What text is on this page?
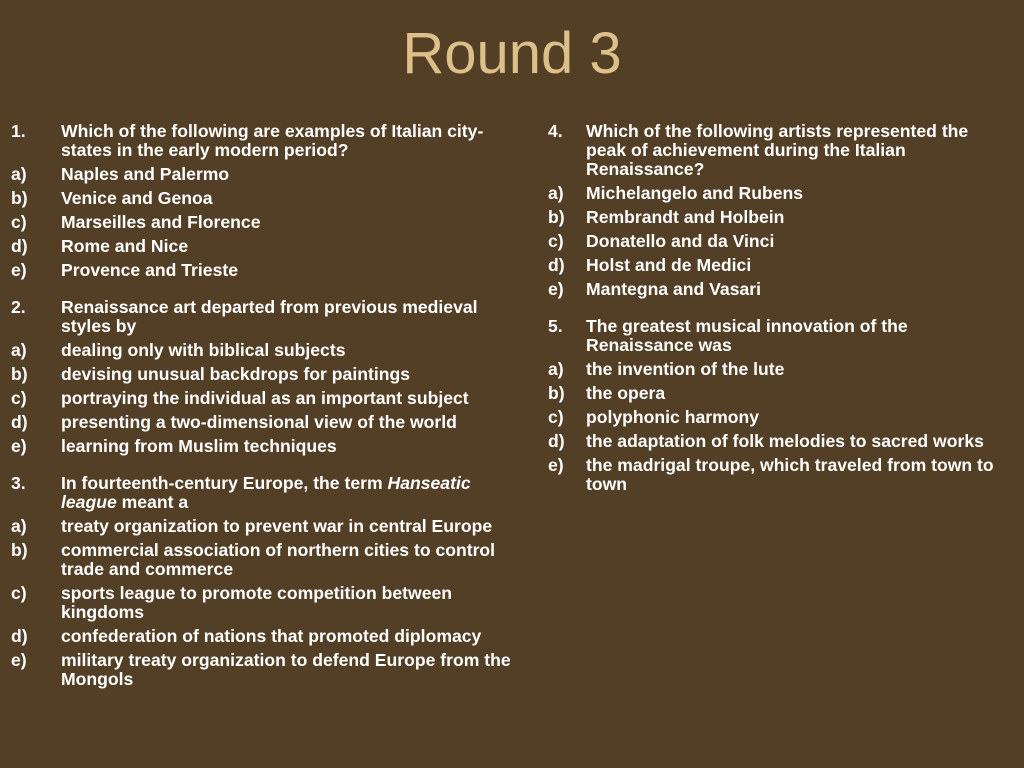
Round 3
1.	Which of the following are examples of Italian city-states in the early modern period?
a)	Naples and Palermo
b)	Venice and Genoa
c)	Marseilles and Florence
d)	Rome and Nice
e)	Provence and Trieste
2.	Renaissance art departed from previous medieval styles by
a)	dealing only with biblical subjects
b)	devising unusual backdrops for paintings
c)	portraying the individual as an important subject
d)	presenting a two-dimensional view of the world
e)	learning from Muslim techniques
3.	In fourteenth-century Europe, the term Hanseatic league meant a
a)	treaty organization to prevent war in central Europe
b)	commercial association of northern cities to control trade and commerce
c)	sports league to promote competition between kingdoms
d)	confederation of nations that promoted diplomacy
e)	military treaty organization to defend Europe from the Mongols
4.	Which of the following artists represented the peak of achievement during the Italian Renaissance?
a)	Michelangelo and Rubens
b)	Rembrandt and Holbein
c)	Donatello and da Vinci
d)	Holst and de Medici
e)	Mantegna and Vasari
5.	The greatest musical innovation of the Renaissance was
a)	the invention of the lute
b)	the opera
c)	polyphonic harmony
d)	the adaptation of folk melodies to sacred works
e)	the madrigal troupe, which traveled from town to town
